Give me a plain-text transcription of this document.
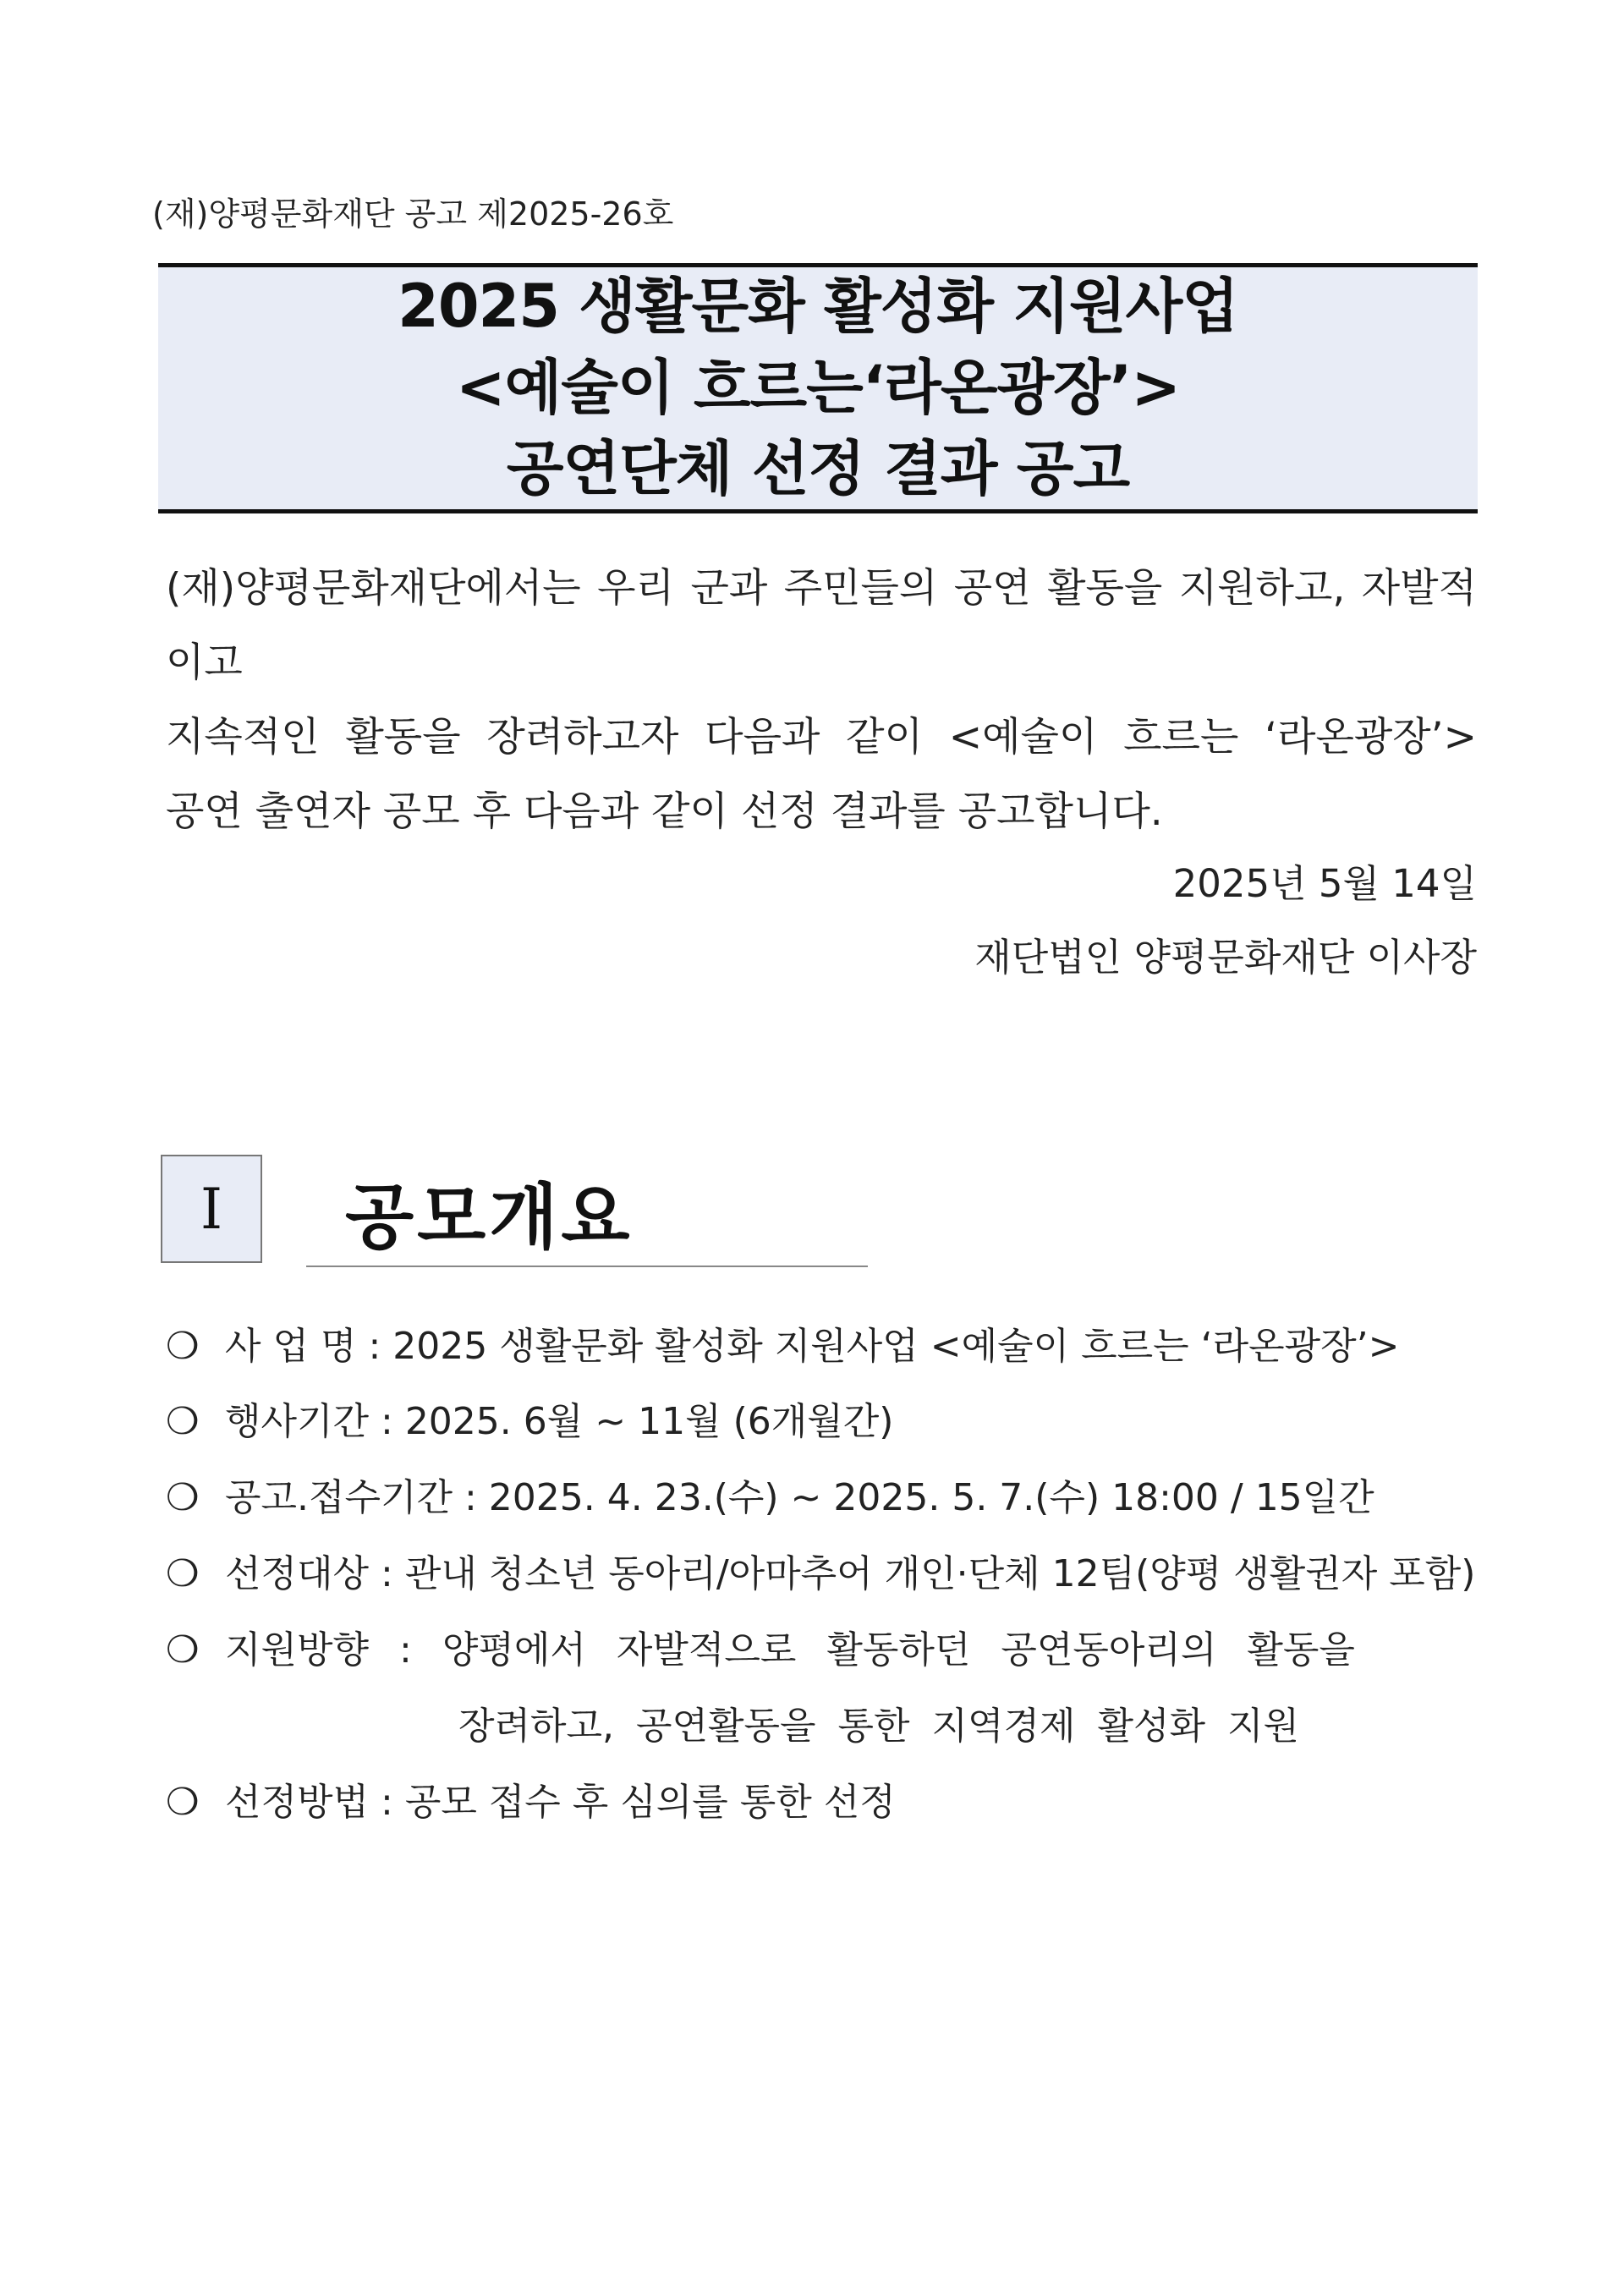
(재)양평문화재단 공고 제2025-26호
2025 생활문화 활성화 지원사업
<예술이 흐르는‘라온광장’>
공연단체 선정 결과 공고
(재)양평문화재단에서는 우리 군과 주민들의 공연 활동을 지원하고, 자발적이고
지속적인 활동을 장려하고자 다음과 같이 <예술이 흐르는 ‘라온광장’>
공연 출연자 공모 후 다음과 같이 선정 결과를 공고합니다.
2025년 5월 14일
재단법인 양평문화재단 이사장
I	공모개요
❍ 사 업 명 : 2025 생활문화 활성화 지원사업 <예술이 흐르는 ‘라온광장’>
❍ 행사기간 : 2025. 6월 ~ 11월 (6개월간)
❍ 공고.접수기간 : 2025. 4. 23.(수) ~ 2025. 5. 7.(수) 18:00 / 15일간
❍ 선정대상 : 관내 청소년 동아리/아마추어 개인·단체 12팀(양평 생활권자 포함)
❍ 지원방향 : 양평에서 자발적으로 활동하던 공연동아리의 활동을
장려하고, 공연활동을 통한 지역경제 활성화 지원
❍ 선정방법 : 공모 접수 후 심의를 통한 선정
